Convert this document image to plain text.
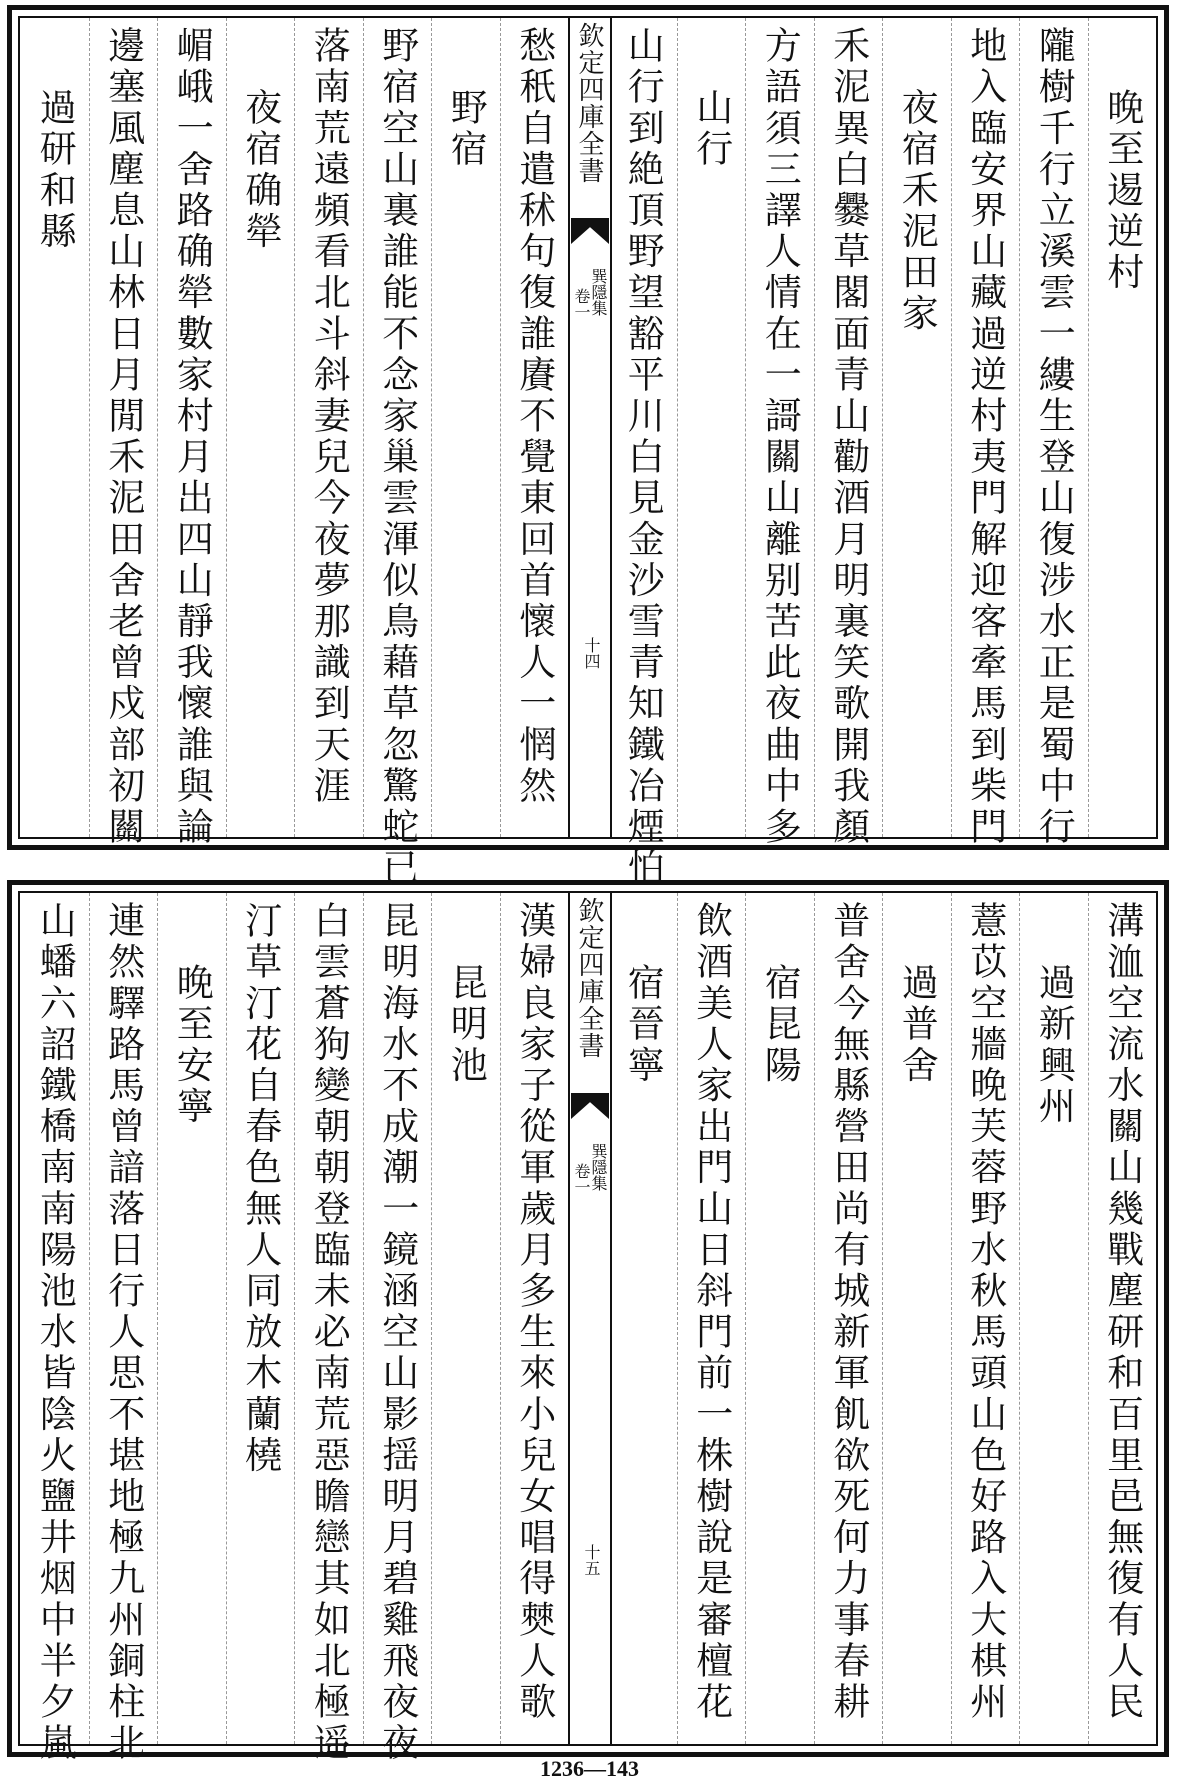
晚至逷逆村
隴樹千行立溪雲一縷生登山復涉水正是蜀中行
地入臨安界山藏過逆村夷門解迎客牽馬到柴門
夜宿禾泥田家
禾泥異白爨草閣面青山勸酒月明裏笑歌開我顏
方語須三譯人情在一謌關山離别苦此夜曲中多
山行
山行到絶頂野望豁平川白見金沙雪青知鐵冶煙怕
愁秖自遣秫句復誰賡不覺東回首懷人一惘然
野宿
野宿空山裏誰能不念家巢雲渾似鳥藉草忽驚蛇已
落南荒遠頻看北斗斜妻兒今夜夢那識到天涯
夜宿确犖
嵋峨一舍路确犖數家村月出四山靜我懷誰與論
邊塞風塵息山林日月閒禾泥田舍老曾戍部初關
過研和縣	欽定四庫全書
巽隱集
卷一
十四
溝洫空流水關山幾戰塵研和百里邑無復有人民
過新興州
薏苡空牆晚芙蓉野水秋馬頭山色好路入大棋州
過普舍
普舍今無縣營田尚有城新軍飢欲死何力事春耕
宿昆陽
飲酒美人家出門山日斜門前一株樹說是審檀花
宿晉寧
漢婦良家子從軍歲月多生來小兒女唱得僰人歌
昆明池
昆明海水不成潮一鏡涵空山影揺明月碧雞飛夜夜
白雲蒼狗變朝朝登臨未必南荒惡瞻戀其如北極遥
汀草汀花自春色無人同放木蘭橈
晚至安寧
連然驛路馬曾諳落日行人思不堪地極九州銅柱北
山蟠六詔鐵橋南南陽池水皆陰火鹽井烟中半夕嵐	欽定四庫全書
巽隱集
卷一
十五
1236—143
